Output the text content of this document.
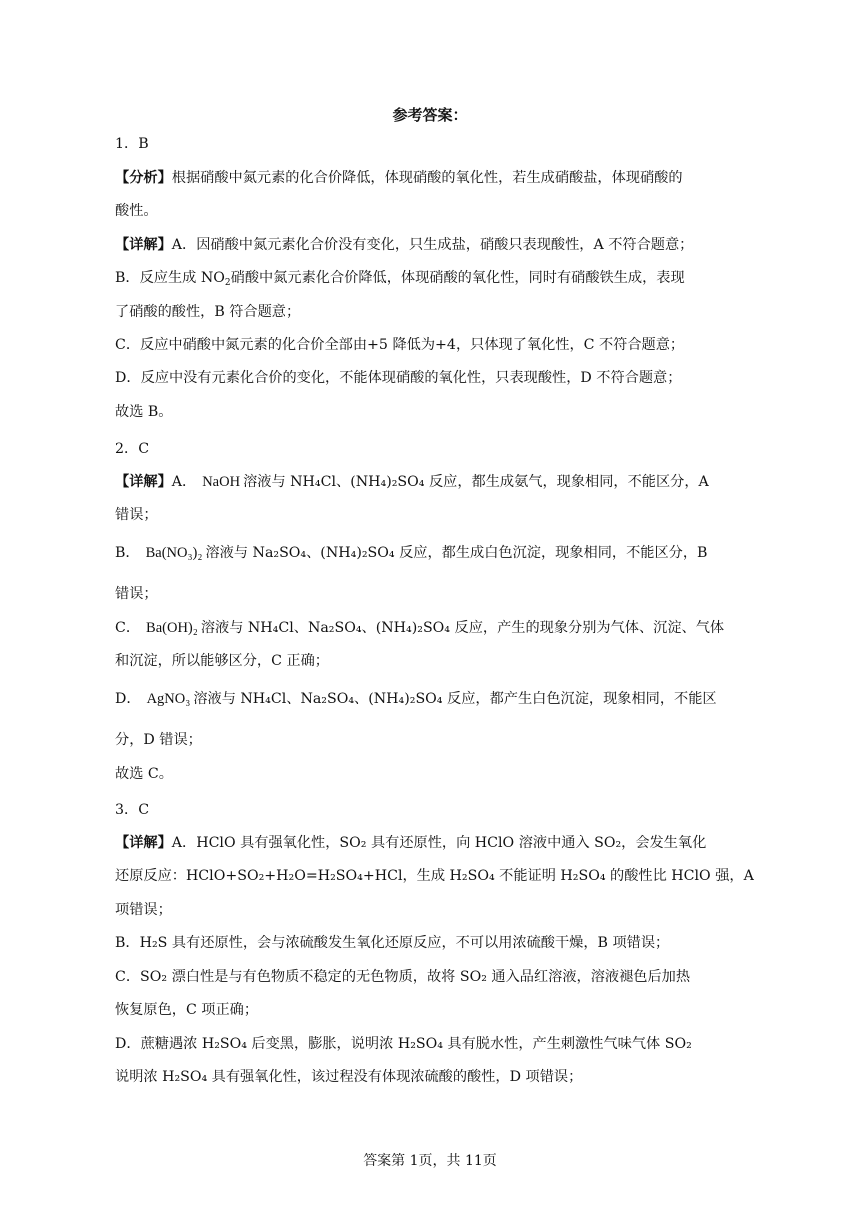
参考答案：
1．B
【分析】根据硝酸中氮元素的化合价降低，体现硝酸的氧化性，若生成硝酸盐，体现硝酸的
酸性。
【详解】A．因硝酸中氮元素化合价没有变化，只生成盐，硝酸只表现酸性，A 不符合题意；
B．反应生成 $NO_2$硝酸中氮元素化合价降低，体现硝酸的氧化性，同时有硝酸铁生成，表现
了硝酸的酸性，B 符合题意；
C．反应中硝酸中氮元素的化合价全部由+5 降低为+4，只体现了氧化性，C 不符合题意；
D．反应中没有元素化合价的变化，不能体现硝酸的氧化性，只表现酸性，D 不符合题意；
故选 B。
2．C
【详解】A． NaOH 溶液与 NH₄Cl、(NH₄)₂SO₄ 反应，都生成氨气，现象相同，不能区分，A
错误；
B． Ba(NO₃)₂ 溶液与 Na₂SO₄、(NH₄)₂SO₄ 反应，都生成白色沉淀，现象相同，不能区分，B
错误；
C． Ba(OH)₂ 溶液与 NH₄Cl、Na₂SO₄、(NH₄)₂SO₄ 反应，产生的现象分别为气体、沉淀、气体
和沉淀，所以能够区分，C 正确；
D． AgNO₃ 溶液与 NH₄Cl、Na₂SO₄、(NH₄)₂SO₄ 反应，都产生白色沉淀，现象相同，不能区
分，D 错误；
故选 C。
3．C
【详解】A．HClO 具有强氧化性，SO₂ 具有还原性，向 HClO 溶液中通入 SO₂，会发生氧化
还原反应：HClO+SO₂+H₂O=H₂SO₄+HCl，生成 H₂SO₄ 不能证明 H₂SO₄ 的酸性比 HClO 强，A
项错误；
B．H₂S 具有还原性，会与浓硫酸发生氧化还原反应，不可以用浓硫酸干燥，B 项错误；
C．SO₂ 漂白性是与有色物质不稳定的无色物质，故将 SO₂ 通入品红溶液，溶液褪色后加热
恢复原色，C 项正确；
D．蔗糖遇浓 H₂SO₄ 后变黑，膨胀，说明浓 H₂SO₄ 具有脱水性，产生刺激性气味气体 SO₂
说明浓 H₂SO₄ 具有强氧化性，该过程没有体现浓硫酸的酸性，D 项错误；
答案第 1页，共 11页
